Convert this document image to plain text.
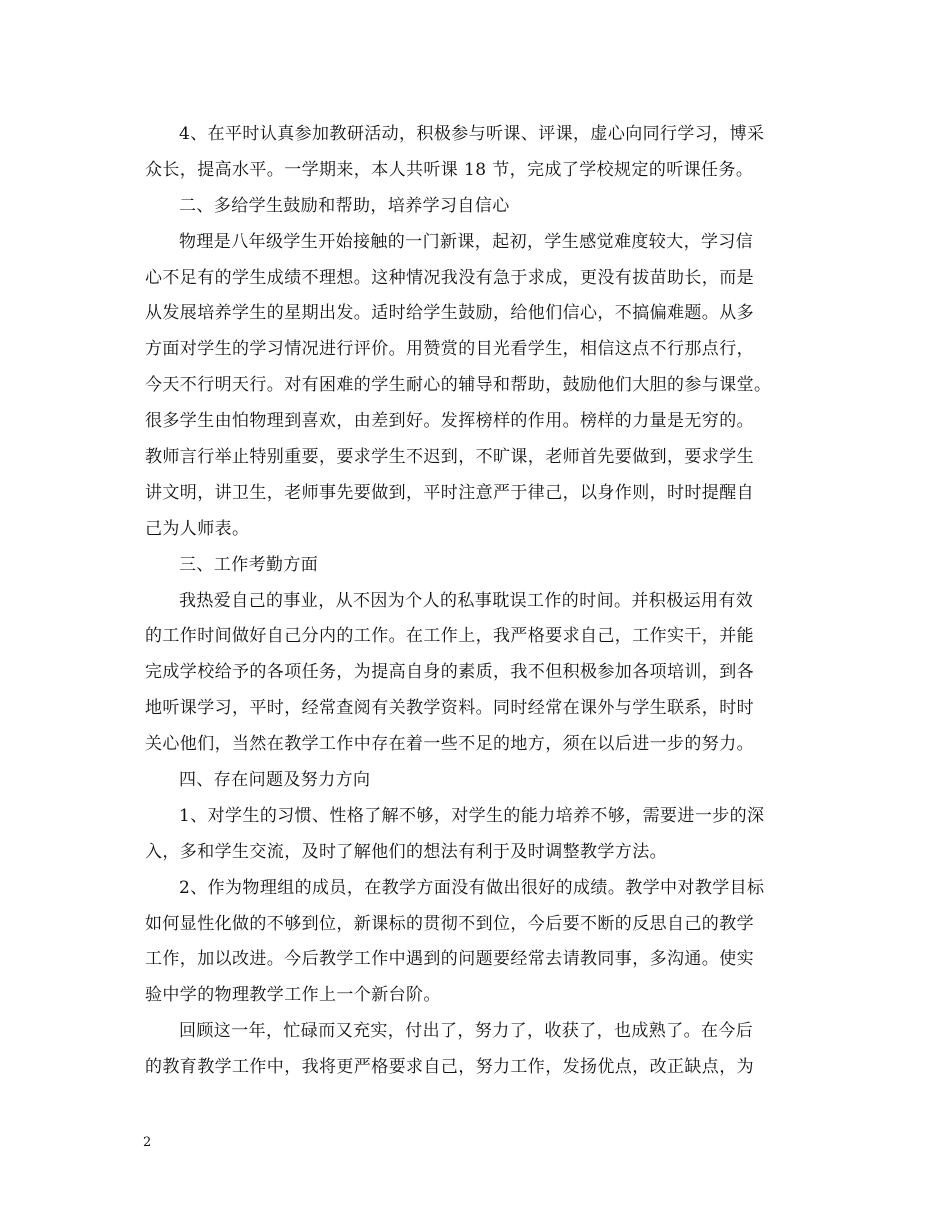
4、在平时认真参加教研活动，积极参与听课、评课，虚心向同行学习，博采
众长，提高水平。一学期来，本人共听课 18 节，完成了学校规定的听课任务。
二、多给学生鼓励和帮助，培养学习自信心
物理是八年级学生开始接触的一门新课，起初，学生感觉难度较大，学习信
心不足有的学生成绩不理想。这种情况我没有急于求成，更没有拔苗助长，而是
从发展培养学生的星期出发。适时给学生鼓励，给他们信心，不搞偏难题。从多
方面对学生的学习情况进行评价。用赞赏的目光看学生，相信这点不行那点行，
今天不行明天行。对有困难的学生耐心的辅导和帮助，鼓励他们大胆的参与课堂。
很多学生由怕物理到喜欢，由差到好。发挥榜样的作用。榜样的力量是无穷的。
教师言行举止特别重要，要求学生不迟到，不旷课，老师首先要做到，要求学生
讲文明，讲卫生，老师事先要做到，平时注意严于律己，以身作则，时时提醒自
己为人师表。
三、工作考勤方面
我热爱自己的事业，从不因为个人的私事耽误工作的时间。并积极运用有效
的工作时间做好自己分内的工作。在工作上，我严格要求自己，工作实干，并能
完成学校给予的各项任务，为提高自身的素质，我不但积极参加各项培训，到各
地听课学习，平时，经常查阅有关教学资料。同时经常在课外与学生联系，时时
关心他们，当然在教学工作中存在着一些不足的地方，须在以后进一步的努力。
四、存在问题及努力方向
1、对学生的习惯、性格了解不够，对学生的能力培养不够，需要进一步的深
入，多和学生交流，及时了解他们的想法有利于及时调整教学方法。
2、作为物理组的成员，在教学方面没有做出很好的成绩。教学中对教学目标
如何显性化做的不够到位，新课标的贯彻不到位，今后要不断的反思自己的教学
工作，加以改进。今后教学工作中遇到的问题要经常去请教同事，多沟通。使实
验中学的物理教学工作上一个新台阶。
回顾这一年，忙碌而又充实，付出了，努力了，收获了，也成熟了。在今后
的教育教学工作中，我将更严格要求自己，努力工作，发扬优点，改正缺点，为
2
